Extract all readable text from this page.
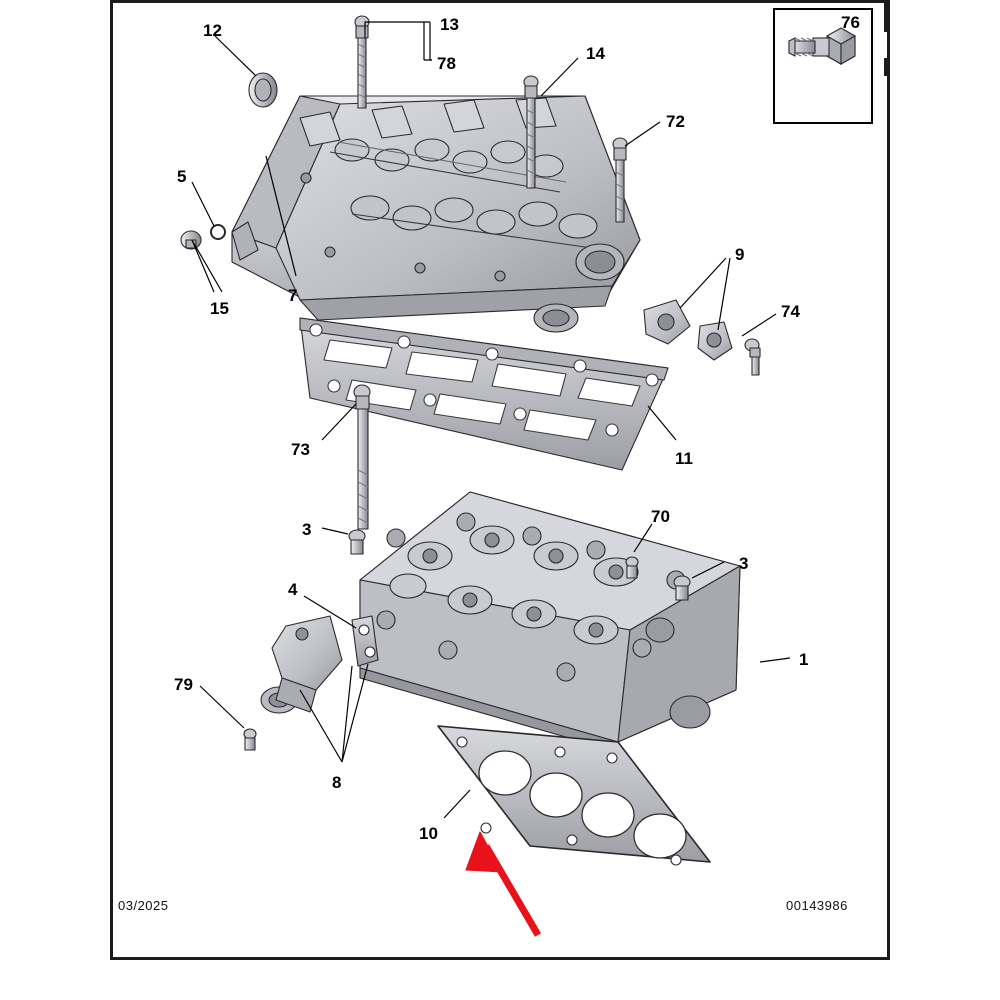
12	13
78
14
72
5
15
7
9
74
11
73
3
70
3
4
1
79
8
10
76
03/2025	00143986
